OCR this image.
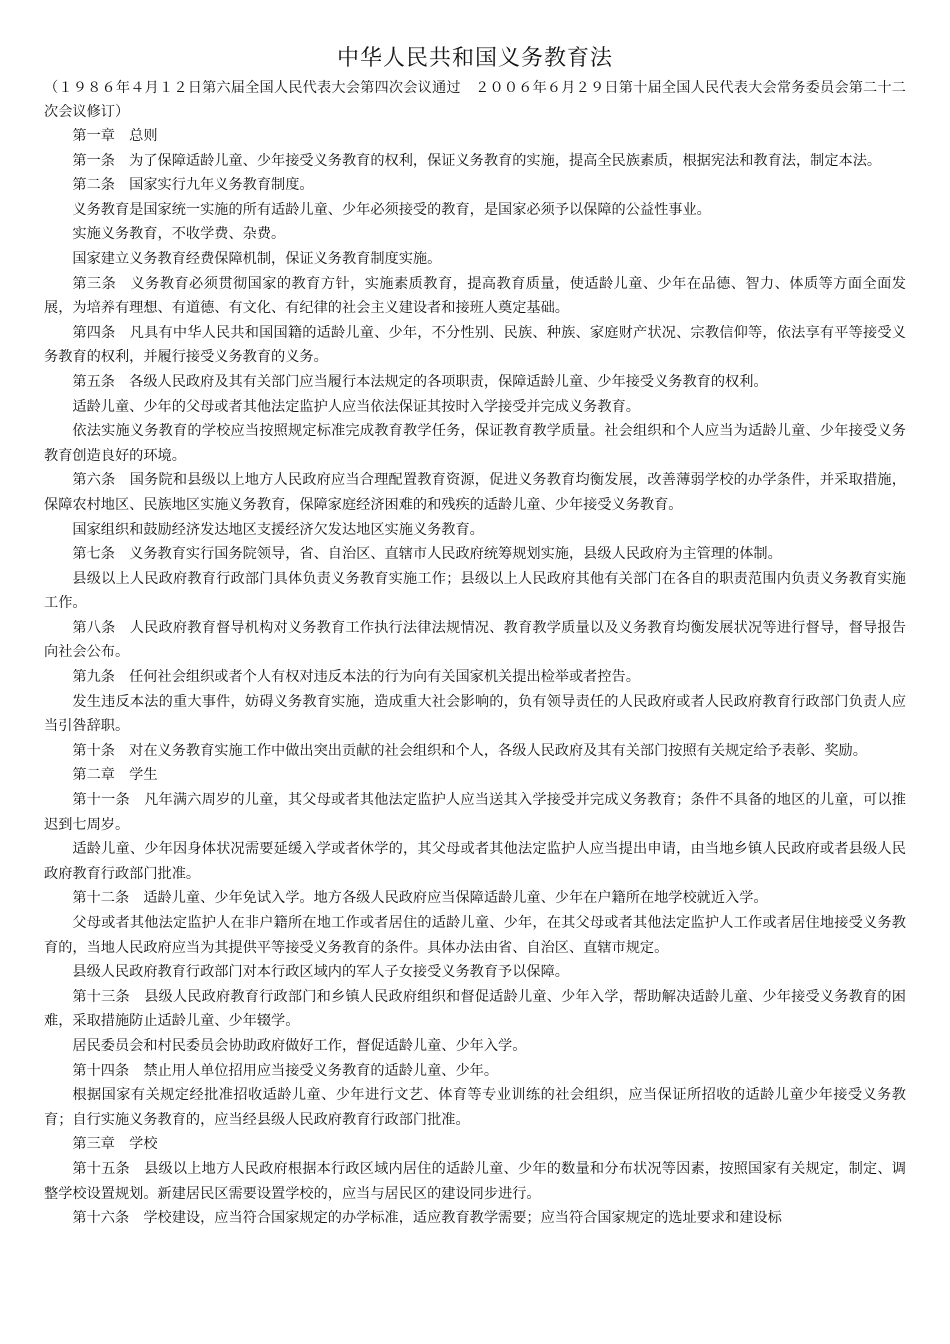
中华人民共和国义务教育法

（１９８６年４月１２日第六届全国人民代表大会第四次会议通过　２００６年６月２９日第十届全国人民代表大会常务委员会第二十二次会议修订）

第一章 总则

第一条 为了保障适龄儿童、少年接受义务教育的权利，保证义务教育的实施，提高全民族素质，根据宪法和教育法，制定本法。

第二条 国家实行九年义务教育制度。

义务教育是国家统一实施的所有适龄儿童、少年必须接受的教育，是国家必须予以保障的公益性事业。

实施义务教育，不收学费、杂费。

国家建立义务教育经费保障机制，保证义务教育制度实施。

第三条 义务教育必须贯彻国家的教育方针，实施素质教育，提高教育质量，使适龄儿童、少年在品德、智力、体质等方面全面发展，为培养有理想、有道德、有文化、有纪律的社会主义建设者和接班人奠定基础。

第四条 凡具有中华人民共和国国籍的适龄儿童、少年，不分性别、民族、种族、家庭财产状况、宗教信仰等，依法享有平等接受义务教育的权利，并履行接受义务教育的义务。

第五条 各级人民政府及其有关部门应当履行本法规定的各项职责，保障适龄儿童、少年接受义务教育的权利。

适龄儿童、少年的父母或者其他法定监护人应当依法保证其按时入学接受并完成义务教育。

依法实施义务教育的学校应当按照规定标准完成教育教学任务，保证教育教学质量。社会组织和个人应当为适龄儿童、少年接受义务教育创造良好的环境。

第六条 国务院和县级以上地方人民政府应当合理配置教育资源，促进义务教育均衡发展，改善薄弱学校的办学条件，并采取措施，保障农村地区、民族地区实施义务教育，保障家庭经济困难的和残疾的适龄儿童、少年接受义务教育。

国家组织和鼓励经济发达地区支援经济欠发达地区实施义务教育。

第七条 义务教育实行国务院领导，省、自治区、直辖市人民政府统筹规划实施，县级人民政府为主管理的体制。

县级以上人民政府教育行政部门具体负责义务教育实施工作；县级以上人民政府其他有关部门在各自的职责范围内负责义务教育实施工作。

第八条 人民政府教育督导机构对义务教育工作执行法律法规情况、教育教学质量以及义务教育均衡发展状况等进行督导，督导报告向社会公布。

第九条 任何社会组织或者个人有权对违反本法的行为向有关国家机关提出检举或者控告。

发生违反本法的重大事件，妨碍义务教育实施，造成重大社会影响的，负有领导责任的人民政府或者人民政府教育行政部门负责人应当引咎辞职。

第十条 对在义务教育实施工作中做出突出贡献的社会组织和个人，各级人民政府及其有关部门按照有关规定给予表彰、奖励。

第二章 学生

第十一条 凡年满六周岁的儿童，其父母或者其他法定监护人应当送其入学接受并完成义务教育；条件不具备的地区的儿童，可以推迟到七周岁。

适龄儿童、少年因身体状况需要延缓入学或者休学的，其父母或者其他法定监护人应当提出申请，由当地乡镇人民政府或者县级人民政府教育行政部门批准。

第十二条 适龄儿童、少年免试入学。地方各级人民政府应当保障适龄儿童、少年在户籍所在地学校就近入学。

父母或者其他法定监护人在非户籍所在地工作或者居住的适龄儿童、少年，在其父母或者其他法定监护人工作或者居住地接受义务教育的，当地人民政府应当为其提供平等接受义务教育的条件。具体办法由省、自治区、直辖市规定。

县级人民政府教育行政部门对本行政区域内的军人子女接受义务教育予以保障。

第十三条 县级人民政府教育行政部门和乡镇人民政府组织和督促适龄儿童、少年入学，帮助解决适龄儿童、少年接受义务教育的困难，采取措施防止适龄儿童、少年辍学。

居民委员会和村民委员会协助政府做好工作，督促适龄儿童、少年入学。

第十四条 禁止用人单位招用应当接受义务教育的适龄儿童、少年。

根据国家有关规定经批准招收适龄儿童、少年进行文艺、体育等专业训练的社会组织，应当保证所招收的适龄儿童少年接受义务教育；自行实施义务教育的，应当经县级人民政府教育行政部门批准。

第三章 学校

第十五条 县级以上地方人民政府根据本行政区域内居住的适龄儿童、少年的数量和分布状况等因素，按照国家有关规定，制定、调整学校设置规划。新建居民区需要设置学校的，应当与居民区的建设同步进行。

第十六条 学校建设，应当符合国家规定的办学标准，适应教育教学需要；应当符合国家规定的选址要求和建设标
